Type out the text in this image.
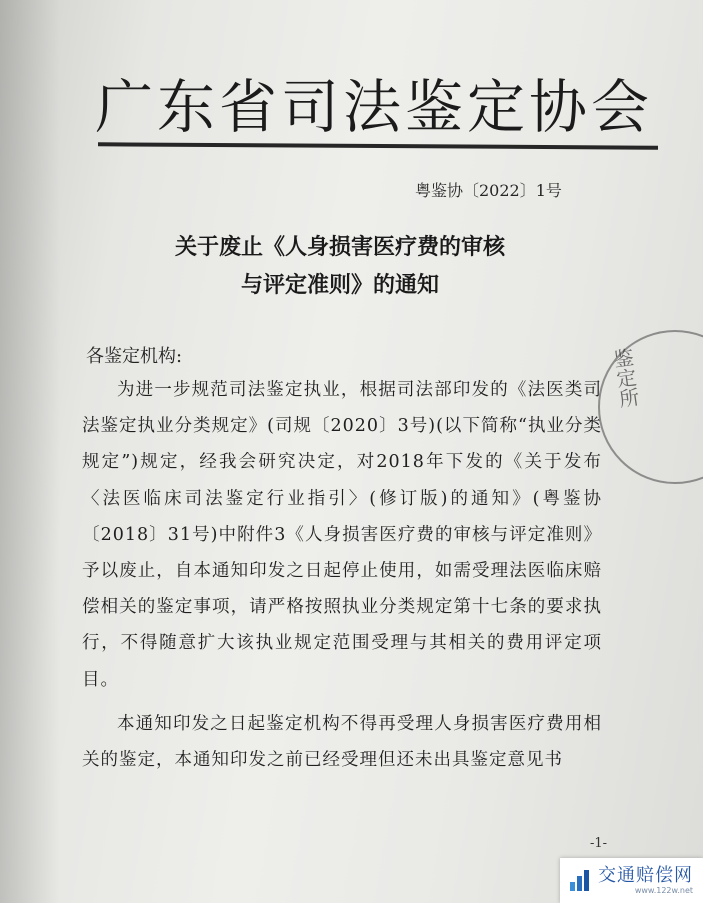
广东省司法鉴定协会
粤鉴协〔2022〕1号
关于废止《人身损害医疗费的审核
与评定准则》的通知
各鉴定机构:

为进一步规范司法鉴定执业，根据司法部印发的《法医类司法鉴定执业分类规定》(司规〔2020〕3号)(以下简称“执业分类规定”)规定，经我会研究决定，对2018年下发的《关于发布〈法医临床司法鉴定行业指引〉(修订版)的通知》(粤鉴协〔2018〕31号)中附件3《人身损害医疗费的审核与评定准则》予以废止，自本通知印发之日起停止使用，如需受理法医临床赔偿相关的鉴定事项，请严格按照执业分类规定第十七条的要求执行，不得随意扩大该执业规定范围受理与其相关的费用评定项目。

本通知印发之日起鉴定机构不得再受理人身损害医疗费用相关的鉴定，本通知印发之前已经受理但还未出具鉴定意见书

鉴定所
-1-
交通赔偿网
www.122w.net
